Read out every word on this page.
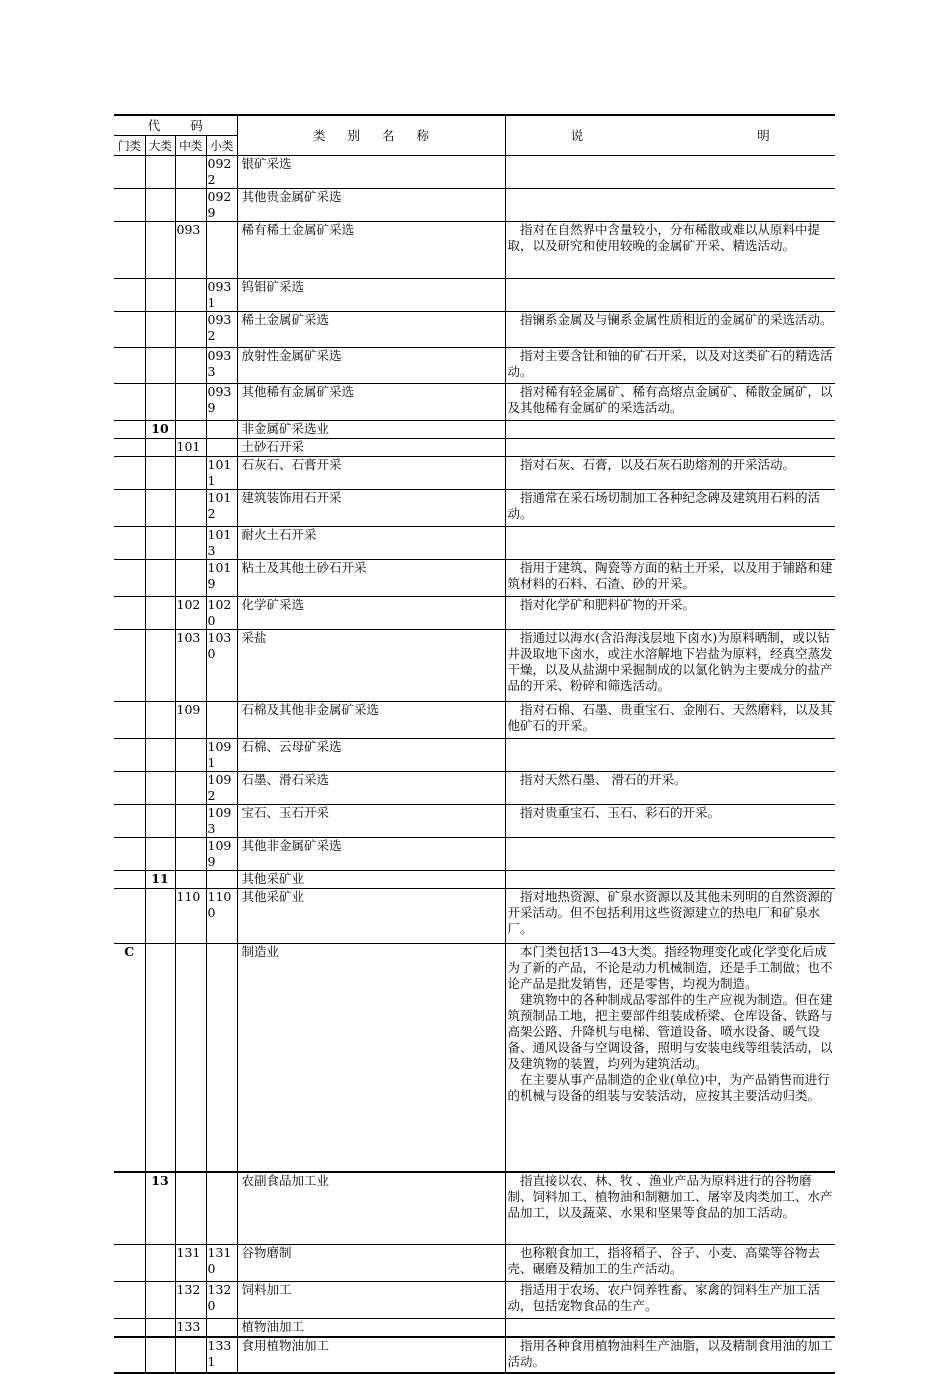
代码				类 别 名 称	说 明

门类	大类	中类	小类		
			0922	银矿采选	
			0929	其他贵金属矿采选	
		093		稀有稀土金属矿采选	指对在自然界中含量较小，分布稀散或难以从原料中提取，以及研究和使用较晚的金属矿开采、精选活动。
			0931	钨钼矿采选	
			0932	稀土金属矿采选	指镧系金属及与镧系金属性质相近的金属矿的采选活动。
			0933	放射性金属矿采选	指对主要含钍和铀的矿石开采，以及对这类矿石的精选活动。
			0939	其他稀有金属矿采选	指对稀有轻金属矿、稀有高熔点金属矿、稀散金属矿，以及其他稀有金属矿的采选活动。
	10			非金属矿采选业	
		101		土砂石开采	
			1011	石灰石、石膏开采	指对石灰、石膏，以及石灰石助熔剂的开采活动。
			1012	建筑装饰用石开采	指通常在采石场切制加工各种纪念碑及建筑用石料的活动。
			1013	耐火土石开采	
			1019	粘土及其他土砂石开采	指用于建筑、陶瓷等方面的粘土开采，以及用于铺路和建筑材料的石料、石渣、砂的开采。
		102	1020	化学矿采选	指对化学矿和肥料矿物的开采。
		103	1030	采盐	指通过以海水(含沿海浅层地下卤水)为原料晒制，或以钻井汲取地下卤水，或注水溶解地下岩盐为原料，经真空蒸发干燥，以及从盐湖中采掘制成的以氯化钠为主要成分的盐产品的开采、粉碎和筛选活动。
		109		石棉及其他非金属矿采选	指对石棉、石墨、贵重宝石、金刚石、天然磨料，以及其他矿石的开采。
			1091	石棉、云母矿采选	
			1092	石墨、滑石采选	指对天然石墨、 滑石的开采。
			1093	宝石、玉石开采	指对贵重宝石、玉石、彩石的开采。
			1099	其他非金属矿采选	
	11			其他采矿业	
		110	1100	其他采矿业	指对地热资源、矿泉水资源以及其他未列明的自然资源的开采活动。但不包括利用这些资源建立的热电厂和矿泉水厂。
C				制造业	本门类包括13—43大类。指经物理变化或化学变化后成为了新的产品，不论是动力机械制造，还是手工制做；也不论产品是批发销售，还是零售，均视为制造。
建筑物中的各种制成品零部件的生产应视为制造。但在建筑预制品工地，把主要部件组装成桥梁、仓库设备、铁路与高架公路、升降机与电梯、管道设备、喷水设备、暖气设备、通风设备与空调设备，照明与安装电线等组装活动，以及建筑物的装置，均列为建筑活动。
在主要从事产品制造的企业(单位)中，为产品销售而进行的机械与设备的组装与安装活动，应按其主要活动归类。

	13			农副食品加工业	指直接以农、林、牧 、渔业产品为原料进行的谷物磨制、饲料加工、植物油和制糖加工、屠宰及肉类加工、水产品加工，以及蔬菜、水果和坚果等食品的加工活动。
		131	1310	谷物磨制	也称粮食加工，指将稻子、谷子、小麦、高粱等谷物去壳、碾磨及精加工的生产活动。
		132	1320	饲料加工	指适用于农场、农户饲养牲畜、家禽的饲料生产加工活动，包括宠物食品的生产。
		133		植物油加工	
			1331	食用植物油加工	指用各种食用植物油料生产油脂，以及精制食用油的加工活动。
